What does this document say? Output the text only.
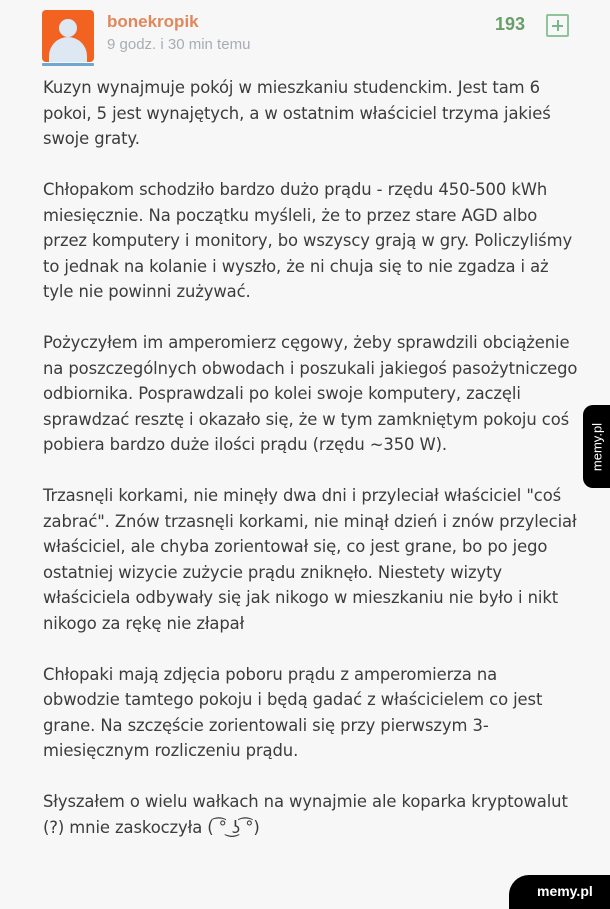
bonekropik
9 godz. i 30 min temu
193

Kuzyn wynajmuje pokój w mieszkaniu studenckim. Jest tam 6 pokoi, 5 jest wynajętych, a w ostatnim właściciel trzyma jakieś swoje graty.

Chłopakom schodziło bardzo dużo prądu - rzędu 450-500 kWh miesięcznie. Na początku myśleli, że to przez stare AGD albo przez komputery i monitory, bo wszyscy grają w gry. Policzyliśmy to jednak na kolanie i wyszło, że ni chuja się to nie zgadza i aż tyle nie powinni zużywać.

Pożyczyłem im amperomierz cęgowy, żeby sprawdzili obciążenie na poszczególnych obwodach i poszukali jakiegoś pasożytniczego odbiornika. Posprawdzali po kolei swoje komputery, zaczęli sprawdzać resztę i okazało się, że w tym zamkniętym pokoju coś pobiera bardzo duże ilości prądu (rzędu ~350 W).

Trzasnęli korkami, nie minęły dwa dni i przyleciał właściciel "coś zabrać". Znów trzasnęli korkami, nie minął dzień i znów przyleciał właściciel, ale chyba zorientował się, co jest grane, bo po jego ostatniej wizycie zużycie prądu zniknęło. Niestety wizyty właściciela odbywały się jak nikogo w mieszkaniu nie było i nikt nikogo za rękę nie złapał

Chłopaki mają zdjęcia poboru prądu z amperomierza na obwodzie tamtego pokoju i będą gadać z właścicielem co jest grane. Na szczęście zorientowali się przy pierwszym 3-miesięcznym rozliczeniu prądu.

Słyszałem o wielu wałkach na wynajmie ale koparka kryptowalut (?) mnie zaskoczyła ( ͡° ͜ʖ ͡°)

memy.pl
memy.pl
